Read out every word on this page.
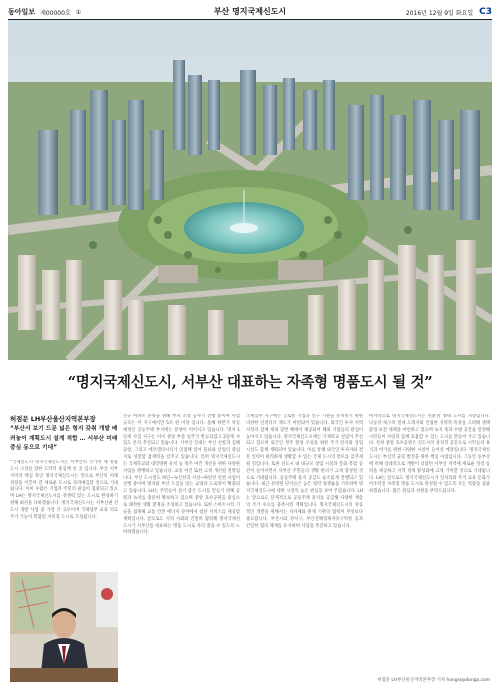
동아일보 제00000호 ①	부산 명지국제신도시	2016년 12월 9일 화요일 C3
“명지국제신도시, 서부산 대표하는 자족형 명품도시 될 것”
허점문 LH부산울산지역본부장
“부산서 보기 드문 넓은 형지 갖춰 개발 배려놓이 계획도시 설계 적합 … 서부산 미래 중심 동으로 기대”
“국제신도시 명지국제신도시는 서부산의 국가적 새 명품도시 구상을 향한 도약의 중심에 선 곳 입니다. 부산 서부 지역의 핵심 축인 명지국제신도시는 앞으로 부산의 미래 성장을 이끌어 갈 새로운 도시로 자리매김할 것으로 기대됩니다. 이미 수많은 기업과 주민의 관심이 집중되고 있으며 LH는 명지국제신도시를 경쟁력 있는 도시로 완성하기 위해 최선을 다하겠습니다. 명지국제신도시는 서부산권 신도시 개발 사업 중 가장 큰 규모이며 국제업무 교육 의료 주거 기능이 복합된 자족형 도시로 조성됩니다.
신규 아파트 분양을 위해 부지 조성 공사가 진행 중이며 사업 규모는 이 지구에서만 5조 원 이상 입니다. 올해 하반기 착공 예정인 공동주택 부지에는 분양이 이어지고 있습니다. 명지 1단계 사업 지구는 이미 상당 부분 입주가 완료되었고 2단계 사업도 본격 추진되고 있습니다. 서부산 일대는 부산 신항과 김해공항, 그리고 에코델타시티가 인접해 있어 물류와 산업의 중심지로 성장할 잠재력을 갖추고 있습니다. 특히 명지국제신도시는 국제학교와 대학병원 유치 등 정주 여건 개선을 위한 다양한 사업을 병행하고 있습니다. 교통 여건 또한 크게 개선될 전망입니다. 부산 도시철도 하단~녹산선과 사상~하단선 연결 사업이 진행 중이며 명지와 부산 도심을 잇는 교량과 도로망이 확충되고 있습니다. LH는 주민들이 살기 좋은 도시를 만들기 위해 공원과 녹지를 충분히 확보하고 있으며 중앙 호수공원을 중심으로 쾌적한 생활 환경을 조성하고 있습니다. 또한 스마트시티 기술을 접목해 교통 안전 에너지 분야에서 첨단 서비스를 제공할 계획입니다. 앞으로도 지역 사회와 긴밀히 협력해 명지국제신도시가 서부산을 대표하는 명품 도시로 자리 잡을 수 있도록 노력하겠습니다.
국제업무 지구에는 글로벌 기업과 연구 기관을 유치하기 위한 다양한 인센티브 제도가 마련되어 있습니다. 외국인 투자 지역 지정과 함께 세제 감면 혜택이 제공되어 해외 기업들의 관심이 높아지고 있습니다. 명지국제신도시에는 국제학교 설립이 추진되고 있으며 외국인 정주 환경 조성을 위한 주거 단지와 상업 시설도 함께 계획되어 있습니다. 이를 통해 외국인 투자자와 전문 인력이 편리하게 생활할 수 있는 국제 도시의 면모를 갖추게 될 것입니다. 또한 신도시 내 대규모 상업 시설과 문화 복합 공간이 들어서면서 서부산 주민들의 생활 편의가 크게 향상될 것으로 기대됩니다. 공동주택 용지 공급도 순조롭게 진행되고 있습니다. 최근 분양된 단지들은 높은 청약 경쟁률을 기록하며 명지국제신도시에 대한 시장의 높은 관심을 보여 주었습니다. LH는 앞으로도 단계적으로 공동주택 용지를 공급해 다양한 계층의 주거 수요를 충족시킬 계획입니다. 명지국제신도시의 성공적인 개발을 위해서는 지자체와 관계 기관의 협력이 무엇보다 중요합니다. 부산시와 강서구, 부산진해경제자유구역청 등과 긴밀한 협의 체계를 유지하며 사업을 추진하고 있습니다.
마지막으로 명지국제신도시는 친환경 생태 도시를 지향합니다. 낙동강 하구의 철새 도래지와 인접한 지역적 특성을 고려해 생태 환경 보전 대책을 마련하고 있으며 녹지 축과 수변 공간을 연결해 시민들이 자연과 함께 호흡할 수 있는 도시를 만들어 가고 있습니다. 특히 중앙 호수공원은 신도시의 상징적 공간으로 시민들의 휴식과 여가를 위한 다양한 시설이 들어설 예정입니다. 명지국제신도시는 부산의 균형 발전을 위한 핵심 사업입니다. 그동안 동부산에 비해 상대적으로 개발이 더뎠던 서부산 지역에 새로운 성장 동력을 제공하고 지역 경제 활성화에 크게 기여할 것으로 기대됩니다. LH는 앞으로도 명지국제신도시가 일자리와 주거 교육 문화가 어우러진 자족형 명품 도시로 완성될 수 있도록 모든 역량을 집중하겠습니다. 많은 관심과 성원을 부탁드립니다.
허점문 LH부산울산지역본부장 기자 hongsi@donga.com
